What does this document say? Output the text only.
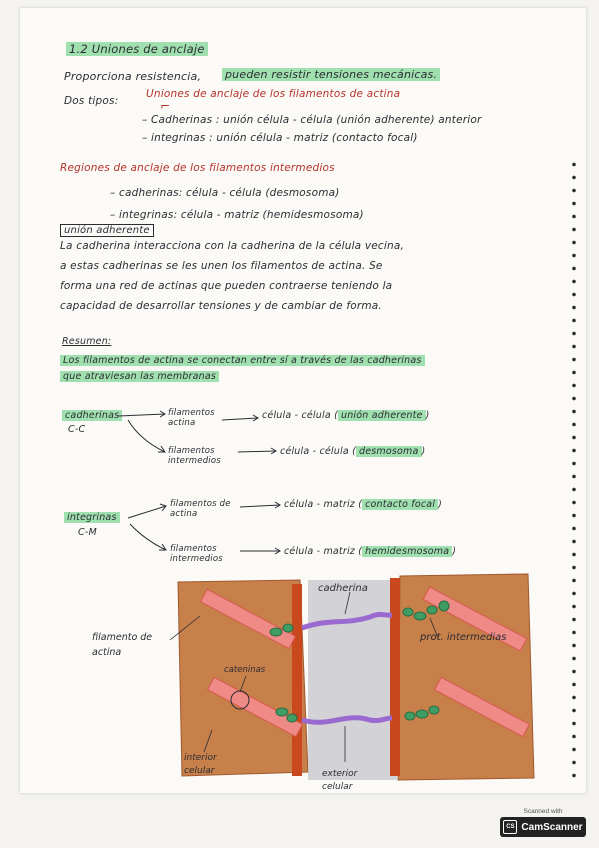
1.2 Uniones de anclaje
Proporciona resistencia, pueden resistir tensiones mecánicas.
Dos tipos:
Uniones de anclaje de los filamentos de actina
⌐
– Cadherinas : unión célula - célula (unión adherente) anterior
– integrinas : unión célula - matriz (contacto focal)
Regiones de anclaje de los filamentos intermedios
– cadherinas: célula - célula (desmosoma)
– integrinas: célula - matriz (hemidesmosoma)
unión adherente
La cadherina interacciona con la cadherina de la célula vecina,
a estas cadherinas se les unen los filamentos de actina. Se
forma una red de actinas que pueden contraerse teniendo la
capacidad de desarrollar tensiones y de cambiar de forma.
Resumen:
Los filamentos de actina se conectan entre sí a través de las cadherinas
que atraviesan las membranas
cadherinas
C-C
filamentos actina
célula - célula ( unión adherente )
filamentos intermedios
célula - célula ( desmosoma )
integrinas
C-M
filamentos de actina
célula - matriz ( contacto focal )
filamentos intermedios
célula - matriz ( hemidesmosoma )
cadherina
filamento de actina
prot. intermedias
cateninas
interior celular	exterior celular
Scanned with
CS CamScanner
